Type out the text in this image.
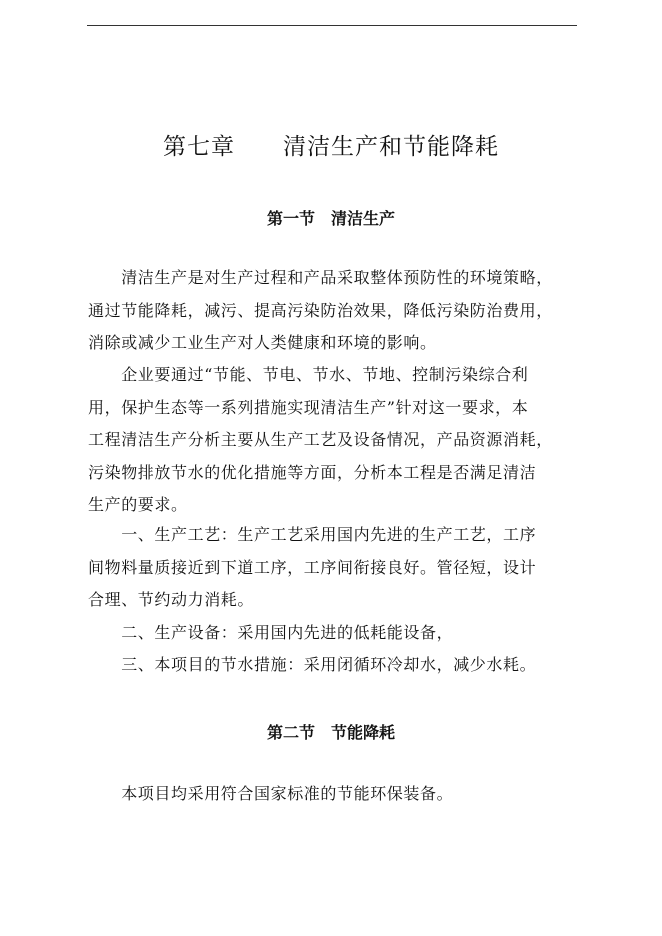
第七章　　清洁生产和节能降耗
第一节　清洁生产
　　清洁生产是对生产过程和产品采取整体预防性的环境策略，
通过节能降耗，减污、提高污染防治效果，降低污染防治费用，
消除或减少工业生产对人类健康和环境的影响。
　　企业要通过“节能、节电、节水、节地、控制污染综合利
用，保护生态等一系列措施实现清洁生产”针对这一要求，本
工程清洁生产分析主要从生产工艺及设备情况，产品资源消耗，
污染物排放节水的优化措施等方面，分析本工程是否满足清洁
生产的要求。
　　一、生产工艺：生产工艺采用国内先进的生产工艺，工序
间物料量质接近到下道工序，工序间衔接良好。管径短，设计
合理、节约动力消耗。
　　二、生产设备：采用国内先进的低耗能设备，
　　三、本项目的节水措施：采用闭循环冷却水，减少水耗。
第二节　节能降耗
　　本项目均采用符合国家标准的节能环保装备。
